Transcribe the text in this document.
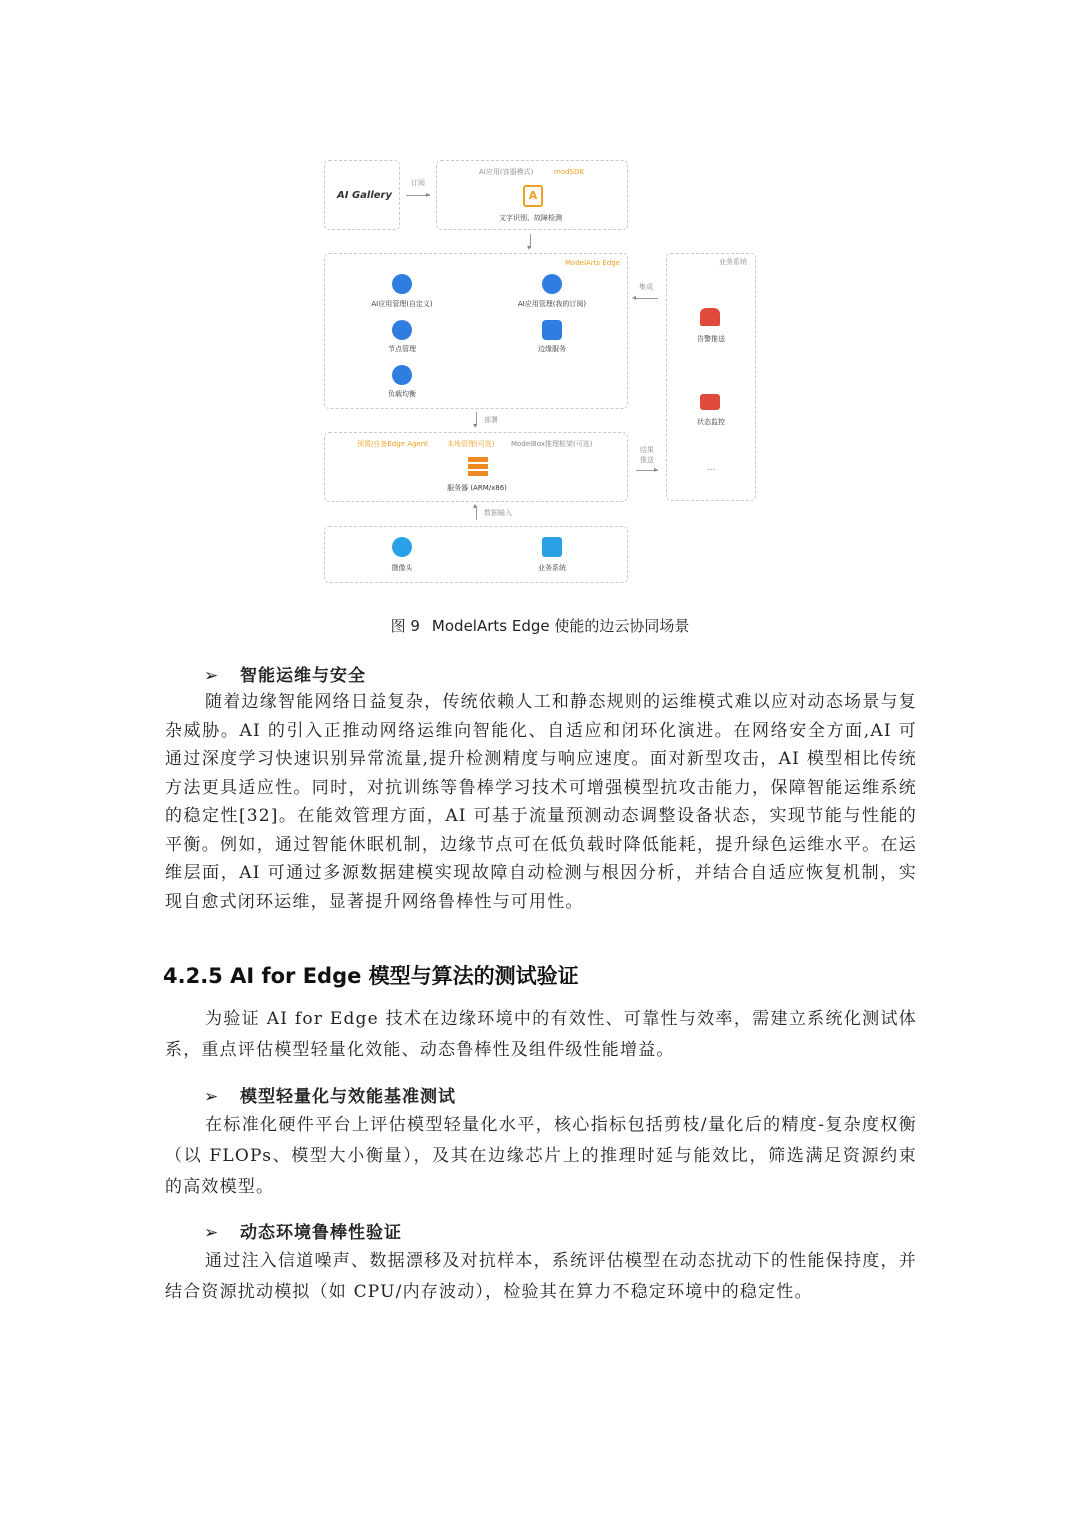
AI Gallery
订阅
▸
AI应用(容器模式)	modSDK
A
文字识别、故障检测
▾
ModelArts Edge
AI应用管理(自定义)	AI应用管理(我的订阅)
节点管理	边缘服务
负载均衡
集成
◂
业务系统
告警推送
状态监控
...
▾
部署
预置/自备Edge Agent	本地管理(可选) ModelBox推理框架(可选)
服务器 (ARM/x86)
结果
推送
▸
▴
数据输入
摄像头	业务系统
图 9 ModelArts Edge 使能的边云协同场景
➢ 智能运维与安全

随着边缘智能网络日益复杂，传统依赖人工和静态规则的运维模式难以应对动态场景与复杂威胁。AI 的引入正推动网络运维向智能化、自适应和闭环化演进。在网络安全方面,AI 可通过深度学习快速识别异常流量,提升检测精度与响应速度。面对新型攻击，AI 模型相比传统方法更具适应性。同时，对抗训练等鲁棒学习技术可增强模型抗攻击能力，保障智能运维系统的稳定性[32]。在能效管理方面，AI 可基于流量预测动态调整设备状态，实现节能与性能的平衡。例如，通过智能休眠机制，边缘节点可在低负载时降低能耗，提升绿色运维水平。在运维层面，AI 可通过多源数据建模实现故障自动检测与根因分析，并结合自适应恢复机制，实现自愈式闭环运维，显著提升网络鲁棒性与可用性。

4.2.5 AI for Edge 模型与算法的测试验证

为验证 AI for Edge 技术在边缘环境中的有效性、可靠性与效率，需建立系统化测试体系，重点评估模型轻量化效能、动态鲁棒性及组件级性能增益。

➢ 模型轻量化与效能基准测试

在标准化硬件平台上评估模型轻量化水平，核心指标包括剪枝/量化后的精度-复杂度权衡（以 FLOPs、模型大小衡量），及其在边缘芯片上的推理时延与能效比，筛选满足资源约束的高效模型。

➢ 动态环境鲁棒性验证

通过注入信道噪声、数据漂移及对抗样本，系统评估模型在动态扰动下的性能保持度，并结合资源扰动模拟（如 CPU/内存波动），检验其在算力不稳定环境中的稳定性。
